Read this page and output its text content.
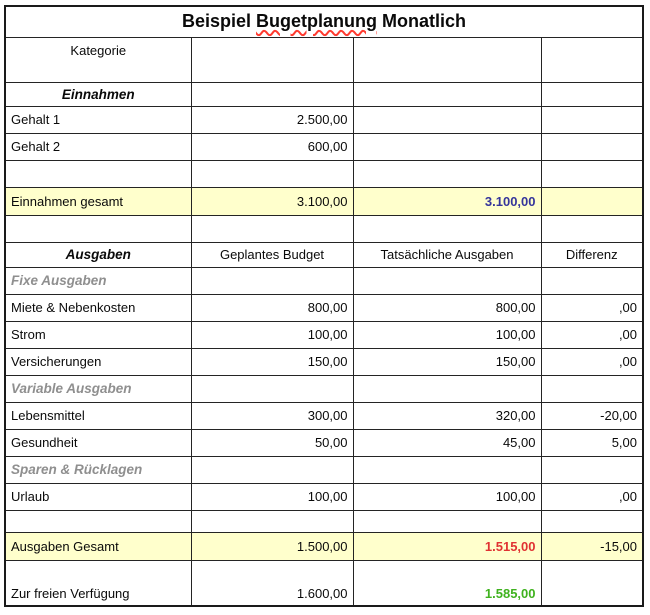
Beispiel Bugetplanung Monatlich			
Kategorie			
Einnahmen			
Gehalt 1	2.500,00		
Gehalt 2	600,00		

Einnahmen gesamt	3.100,00	3.100,00	

Ausgaben	Geplantes Budget	Tatsächliche Ausgaben	Differenz
Fixe Ausgaben			
Miete & Nebenkosten	800,00	800,00	,00
Strom	100,00	100,00	,00
Versicherungen	150,00	150,00	,00
Variable Ausgaben			
Lebensmittel	300,00	320,00	-20,00
Gesundheit	50,00	45,00	5,00
Sparen & Rücklagen			
Urlaub	100,00	100,00	,00

Ausgaben Gesamt	1.500,00	1.515,00	-15,00
Zur freien Verfügung	1.600,00	1.585,00	
